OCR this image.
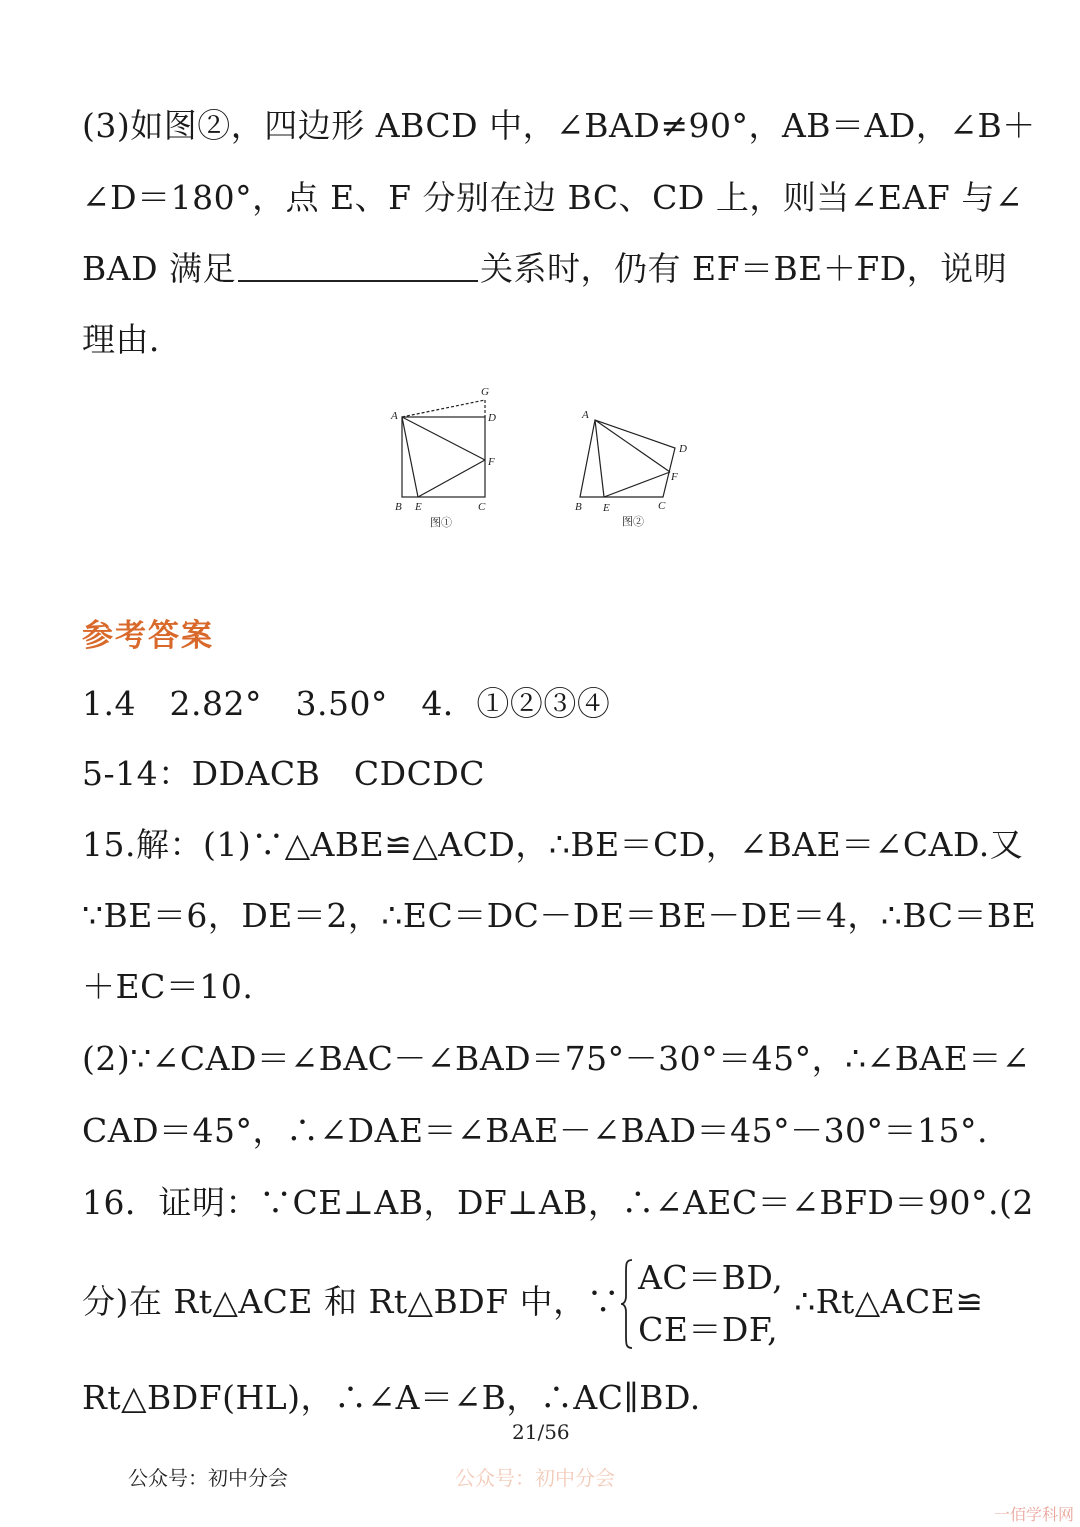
(3)如图②，四边形 ABCD 中，∠BAD≠90°，AB＝AD，∠B＋
∠D＝180°，点 E、F 分别在边 BC、CD 上，则当∠EAF 与∠
BAD 满足	关系时，仍有 EF＝BE＋FD，说明
理由．
A
G
D
F
B E	C
图①
A
D
F
B E	C
图②
参考答案
1.4　2.82°　3.50°　4．①②③④
5-14：DDACB　CDCDC
15.解：(1)∵△ABE≌△ACD，∴BE＝CD，∠BAE＝∠CAD.又
∵BE＝6，DE＝2，∴EC＝DC－DE＝BE－DE＝4，∴BC＝BE
＋EC＝10.
(2)∵∠CAD＝∠BAC－∠BAD＝75°－30°＝45°，∴∠BAE＝∠
CAD＝45°，∴∠DAE＝∠BAE－∠BAD＝45°－30°＝15°.
16．证明：∵CE⊥AB，DF⊥AB，∴∠AEC＝∠BFD＝90°.(2
分)在 Rt△ACE 和 Rt△BDF 中，∵
AC＝BD,
CE＝DF,
∴Rt△ACE≌
Rt△BDF(HL)，∴∠A＝∠B，∴AC∥BD.
21/56
公众号：初中分会	公众号：初中分会
一佰学科网
